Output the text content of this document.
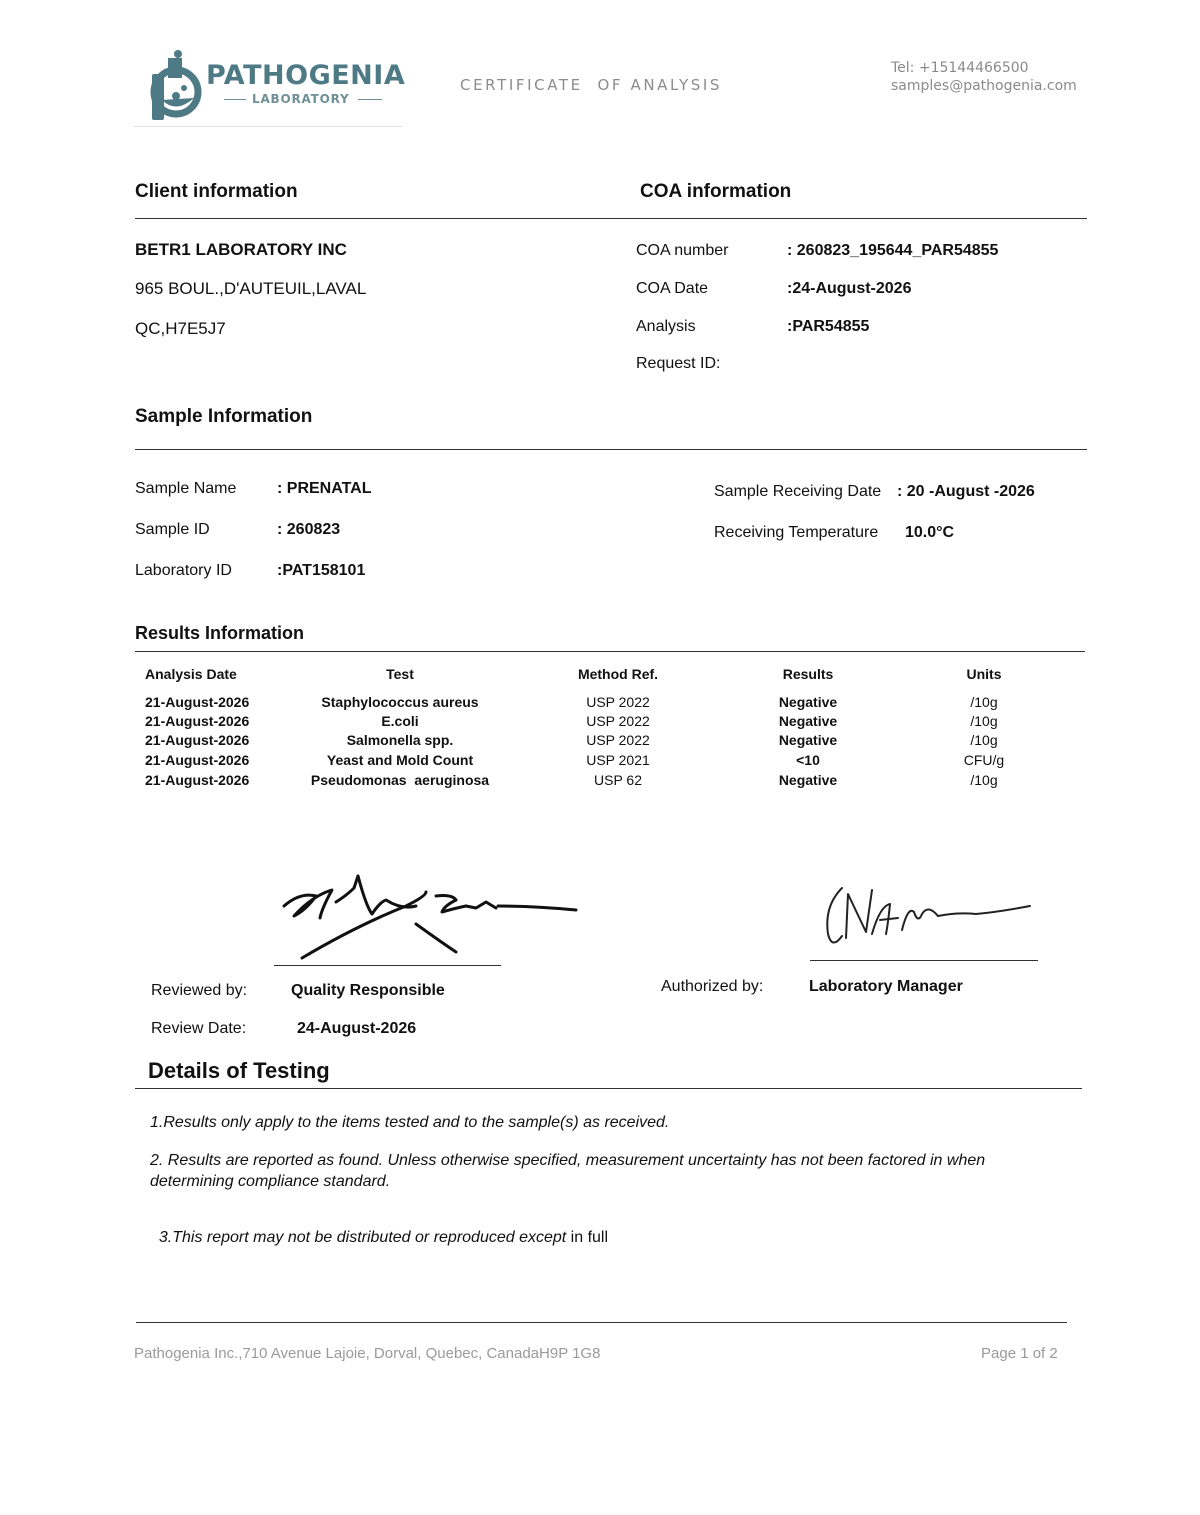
PATHOGENIA
LABORATORY
CERTIFICATE  OF ANALYSIS
Tel: +15144466500
samples@pathogenia.com
Client information	COA information
BETR1 LABORATORY INC
965 BOUL.,D'AUTEUIL,LAVAL
QC,H7E5J7
COA number	: 260823_195644_PAR54855
COA Date	:24-August-2026
Analysis	:PAR54855
Request ID:
Sample Information
Sample Name	: PRENATAL
Sample ID	: 260823
Laboratory ID	:PAT158101
Sample Receiving Date : 20 -August -2026
Receiving Temperature 10.0°C
Results Information
Analysis Date	Test	Method Ref.	Results	Units
21-August-2026	Staphylococcus aureus	USP 2022	Negative	/10g
21-August-2026	E.coli	USP 2022	Negative	/10g
21-August-2026	Salmonella spp.	USP 2022	Negative	/10g
21-August-2026	Yeast and Mold Count	USP 2021	<10	CFU/g
21-August-2026	Pseudomonas  aeruginosa	USP 62	Negative	/10g
Reviewed by:	Quality Responsible
Review Date:	24-August-2026
Authorized by:	Laboratory Manager
Details of Testing
1.Results only apply to the items tested and to the sample(s) as received.
2. Results are reported as found. Unless otherwise specified, measurement uncertainty has not been factored in when
determining compliance standard.

3.This report may not be distributed or reproduced except in full

Pathogenia Inc.,710 Avenue Lajoie, Dorval, Quebec, CanadaH9P 1G8	Page 1 of 2
